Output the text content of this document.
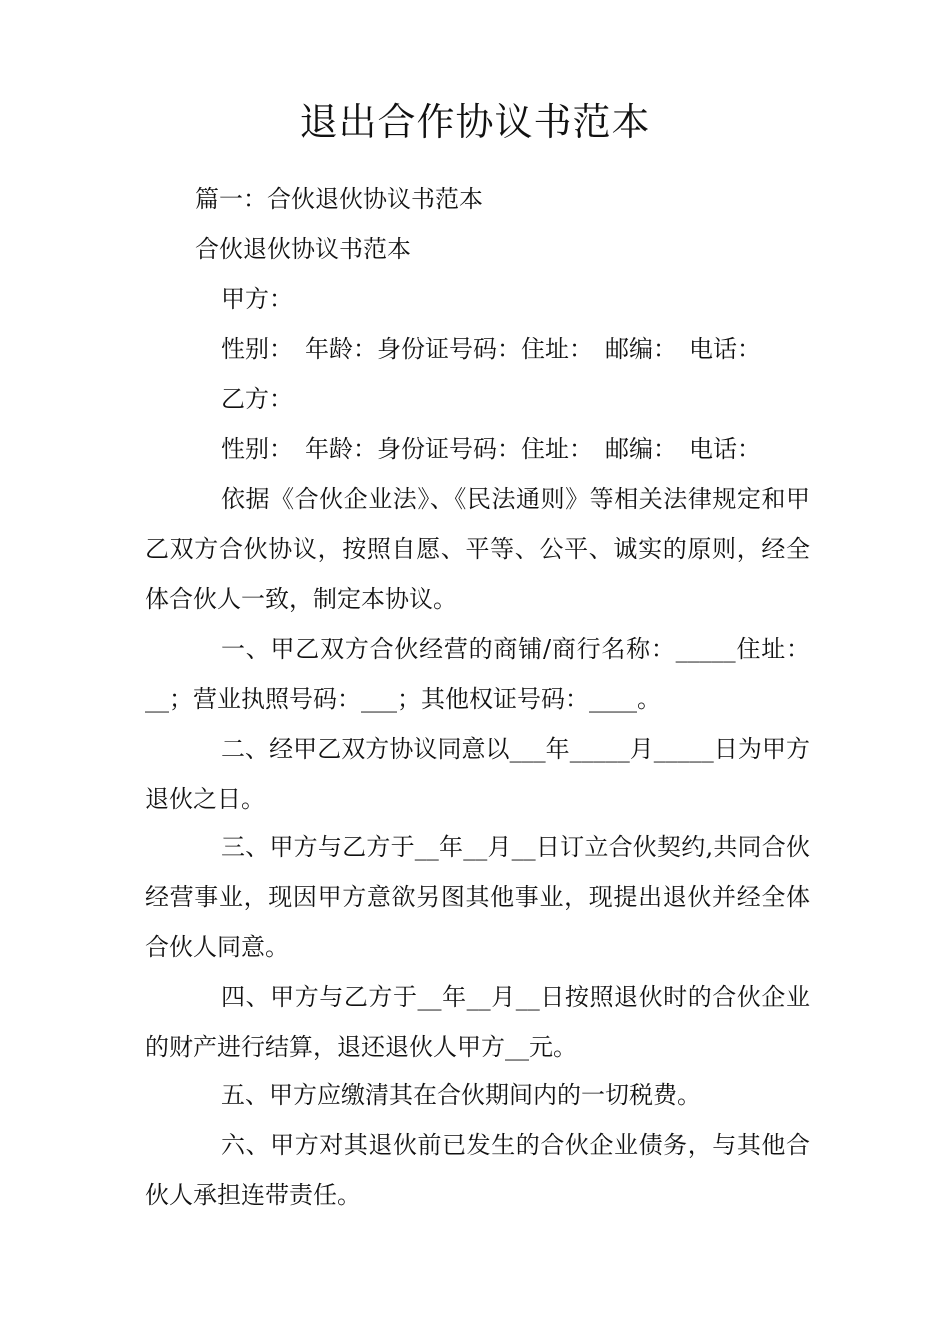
退出合作协议书范本
篇一：合伙退伙协议书范本
合伙退伙协议书范本
甲方：
性别：　年龄：身份证号码：住址：　邮编：　电话：
乙方：
性别：　年龄：身份证号码：住址：　邮编：　电话：
依据《合伙企业法》、《民法通则》等相关法律规定和甲乙双方合伙协议，按照自愿、平等、公平、诚实的原则，经全体合伙人一致，制定本协议。
一、甲乙双方合伙经营的商铺/商行名称：_____住址：__；营业执照号码：___；其他权证号码：____。
二、经甲乙双方协议同意以___年_____月_____日为甲方退伙之日。
三、甲方与乙方于__年__月__日订立合伙契约,共同合伙经营事业，现因甲方意欲另图其他事业，现提出退伙并经全体合伙人同意。
四、甲方与乙方于__年__月__日按照退伙时的合伙企业的财产进行结算，退还退伙人甲方__元。
五、甲方应缴清其在合伙期间内的一切税费。
六、甲方对其退伙前已发生的合伙企业债务，与其他合伙人承担连带责任。
